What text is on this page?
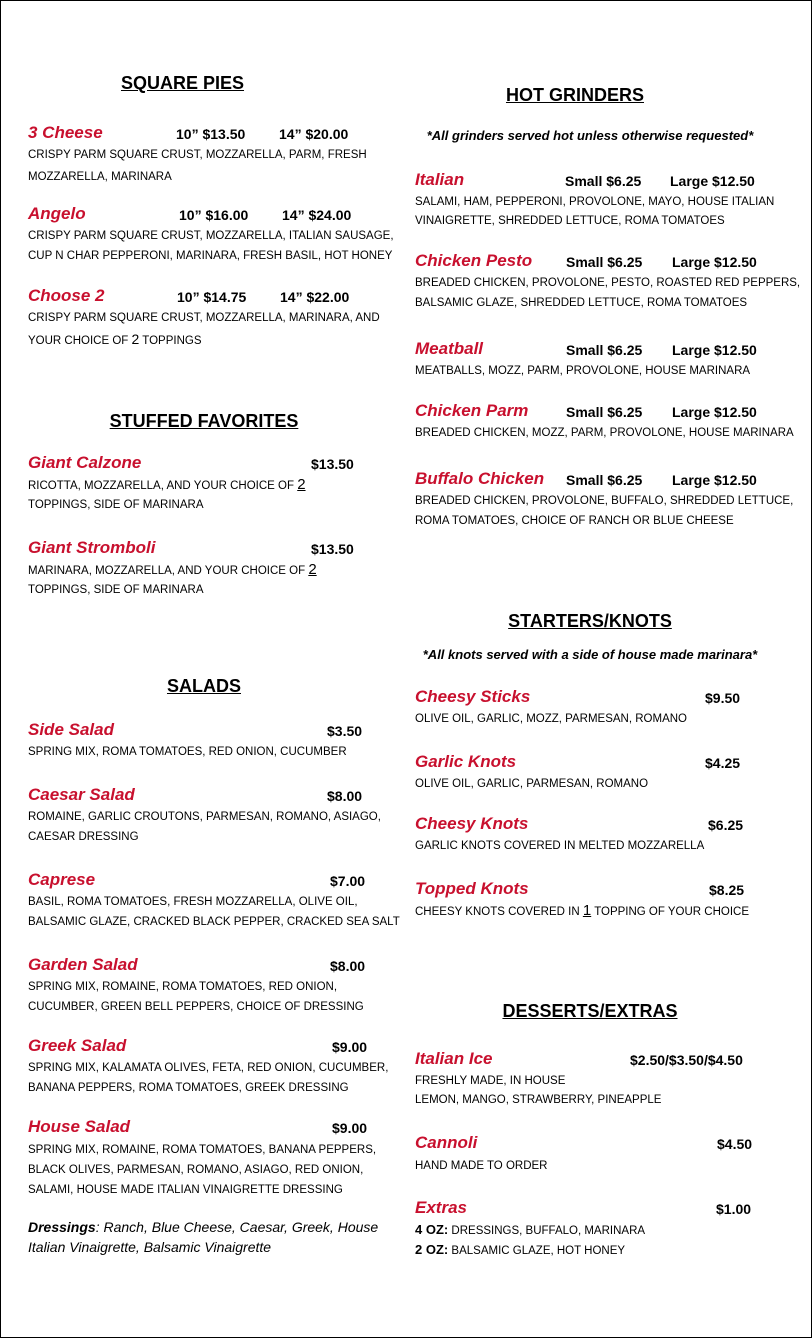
SQUARE PIES
3 Cheese	10” $13.50 14” $20.00
CRISPY PARM SQUARE CRUST, MOZZARELLA, PARM, FRESH
MOZZARELLA, MARINARA
Angelo	10” $16.00 14” $24.00
CRISPY PARM SQUARE CRUST, MOZZARELLA, ITALIAN SAUSAGE,
CUP N CHAR PEPPERONI, MARINARA, FRESH BASIL, HOT HONEY
Choose 2	10” $14.75 14” $22.00
CRISPY PARM SQUARE CRUST, MOZZARELLA, MARINARA, AND
YOUR CHOICE OF 2 TOPPINGS
STUFFED FAVORITES
Giant Calzone	$13.50
RICOTTA, MOZZARELLA, AND YOUR CHOICE OF 2
TOPPINGS, SIDE OF MARINARA
Giant Stromboli	$13.50
MARINARA, MOZZARELLA, AND YOUR CHOICE OF 2
TOPPINGS, SIDE OF MARINARA
SALADS
Side Salad	$3.50
SPRING MIX, ROMA TOMATOES, RED ONION, CUCUMBER
Caesar Salad	$8.00
ROMAINE, GARLIC CROUTONS, PARMESAN, ROMANO, ASIAGO,
CAESAR DRESSING
Caprese	$7.00
BASIL, ROMA TOMATOES, FRESH MOZZARELLA, OLIVE OIL,
BALSAMIC GLAZE, CRACKED BLACK PEPPER, CRACKED SEA SALT
Garden Salad	$8.00
SPRING MIX, ROMAINE, ROMA TOMATOES, RED ONION,
CUCUMBER, GREEN BELL PEPPERS, CHOICE OF DRESSING
Greek Salad	$9.00
SPRING MIX, KALAMATA OLIVES, FETA, RED ONION, CUCUMBER,
BANANA PEPPERS, ROMA TOMATOES, GREEK DRESSING
House Salad	$9.00
SPRING MIX, ROMAINE, ROMA TOMATOES, BANANA PEPPERS,
BLACK OLIVES, PARMESAN, ROMANO, ASIAGO, RED ONION,
SALAMI, HOUSE MADE ITALIAN VINAIGRETTE DRESSING
Dressings: Ranch, Blue Cheese, Caesar, Greek, House Italian Vinaigrette, Balsamic Vinaigrette
HOT GRINDERS
*All grinders served hot unless otherwise requested*
Italian	Small $6.25 Large $12.50
SALAMI, HAM, PEPPERONI, PROVOLONE, MAYO, HOUSE ITALIAN
VINAIGRETTE, SHREDDED LETTUCE, ROMA TOMATOES
Chicken Pesto Small $6.25 Large $12.50
BREADED CHICKEN, PROVOLONE, PESTO, ROASTED RED PEPPERS,
BALSAMIC GLAZE, SHREDDED LETTUCE, ROMA TOMATOES
Meatball	Small $6.25 Large $12.50
MEATBALLS, MOZZ, PARM, PROVOLONE, HOUSE MARINARA
Chicken Parm	Small $6.25 Large $12.50
BREADED CHICKEN, MOZZ, PARM, PROVOLONE, HOUSE MARINARA
Buffalo Chicken Small $6.25 Large $12.50
BREADED CHICKEN, PROVOLONE, BUFFALO, SHREDDED LETTUCE,
ROMA TOMATOES, CHOICE OF RANCH OR BLUE CHEESE
STARTERS/KNOTS
*All knots served with a side of house made marinara*
Cheesy Sticks	$9.50
OLIVE OIL, GARLIC, MOZZ, PARMESAN, ROMANO
Garlic Knots	$4.25
OLIVE OIL, GARLIC, PARMESAN, ROMANO
Cheesy Knots	$6.25
GARLIC KNOTS COVERED IN MELTED MOZZARELLA
Topped Knots	$8.25
CHEESY KNOTS COVERED IN 1 TOPPING OF YOUR CHOICE
DESSERTS/EXTRAS
Italian Ice	$2.50/$3.50/$4.50
FRESHLY MADE, IN HOUSE
LEMON, MANGO, STRAWBERRY, PINEAPPLE
Cannoli	$4.50
HAND MADE TO ORDER
Extras	$1.00
4 OZ: DRESSINGS, BUFFALO, MARINARA
2 OZ: BALSAMIC GLAZE, HOT HONEY
